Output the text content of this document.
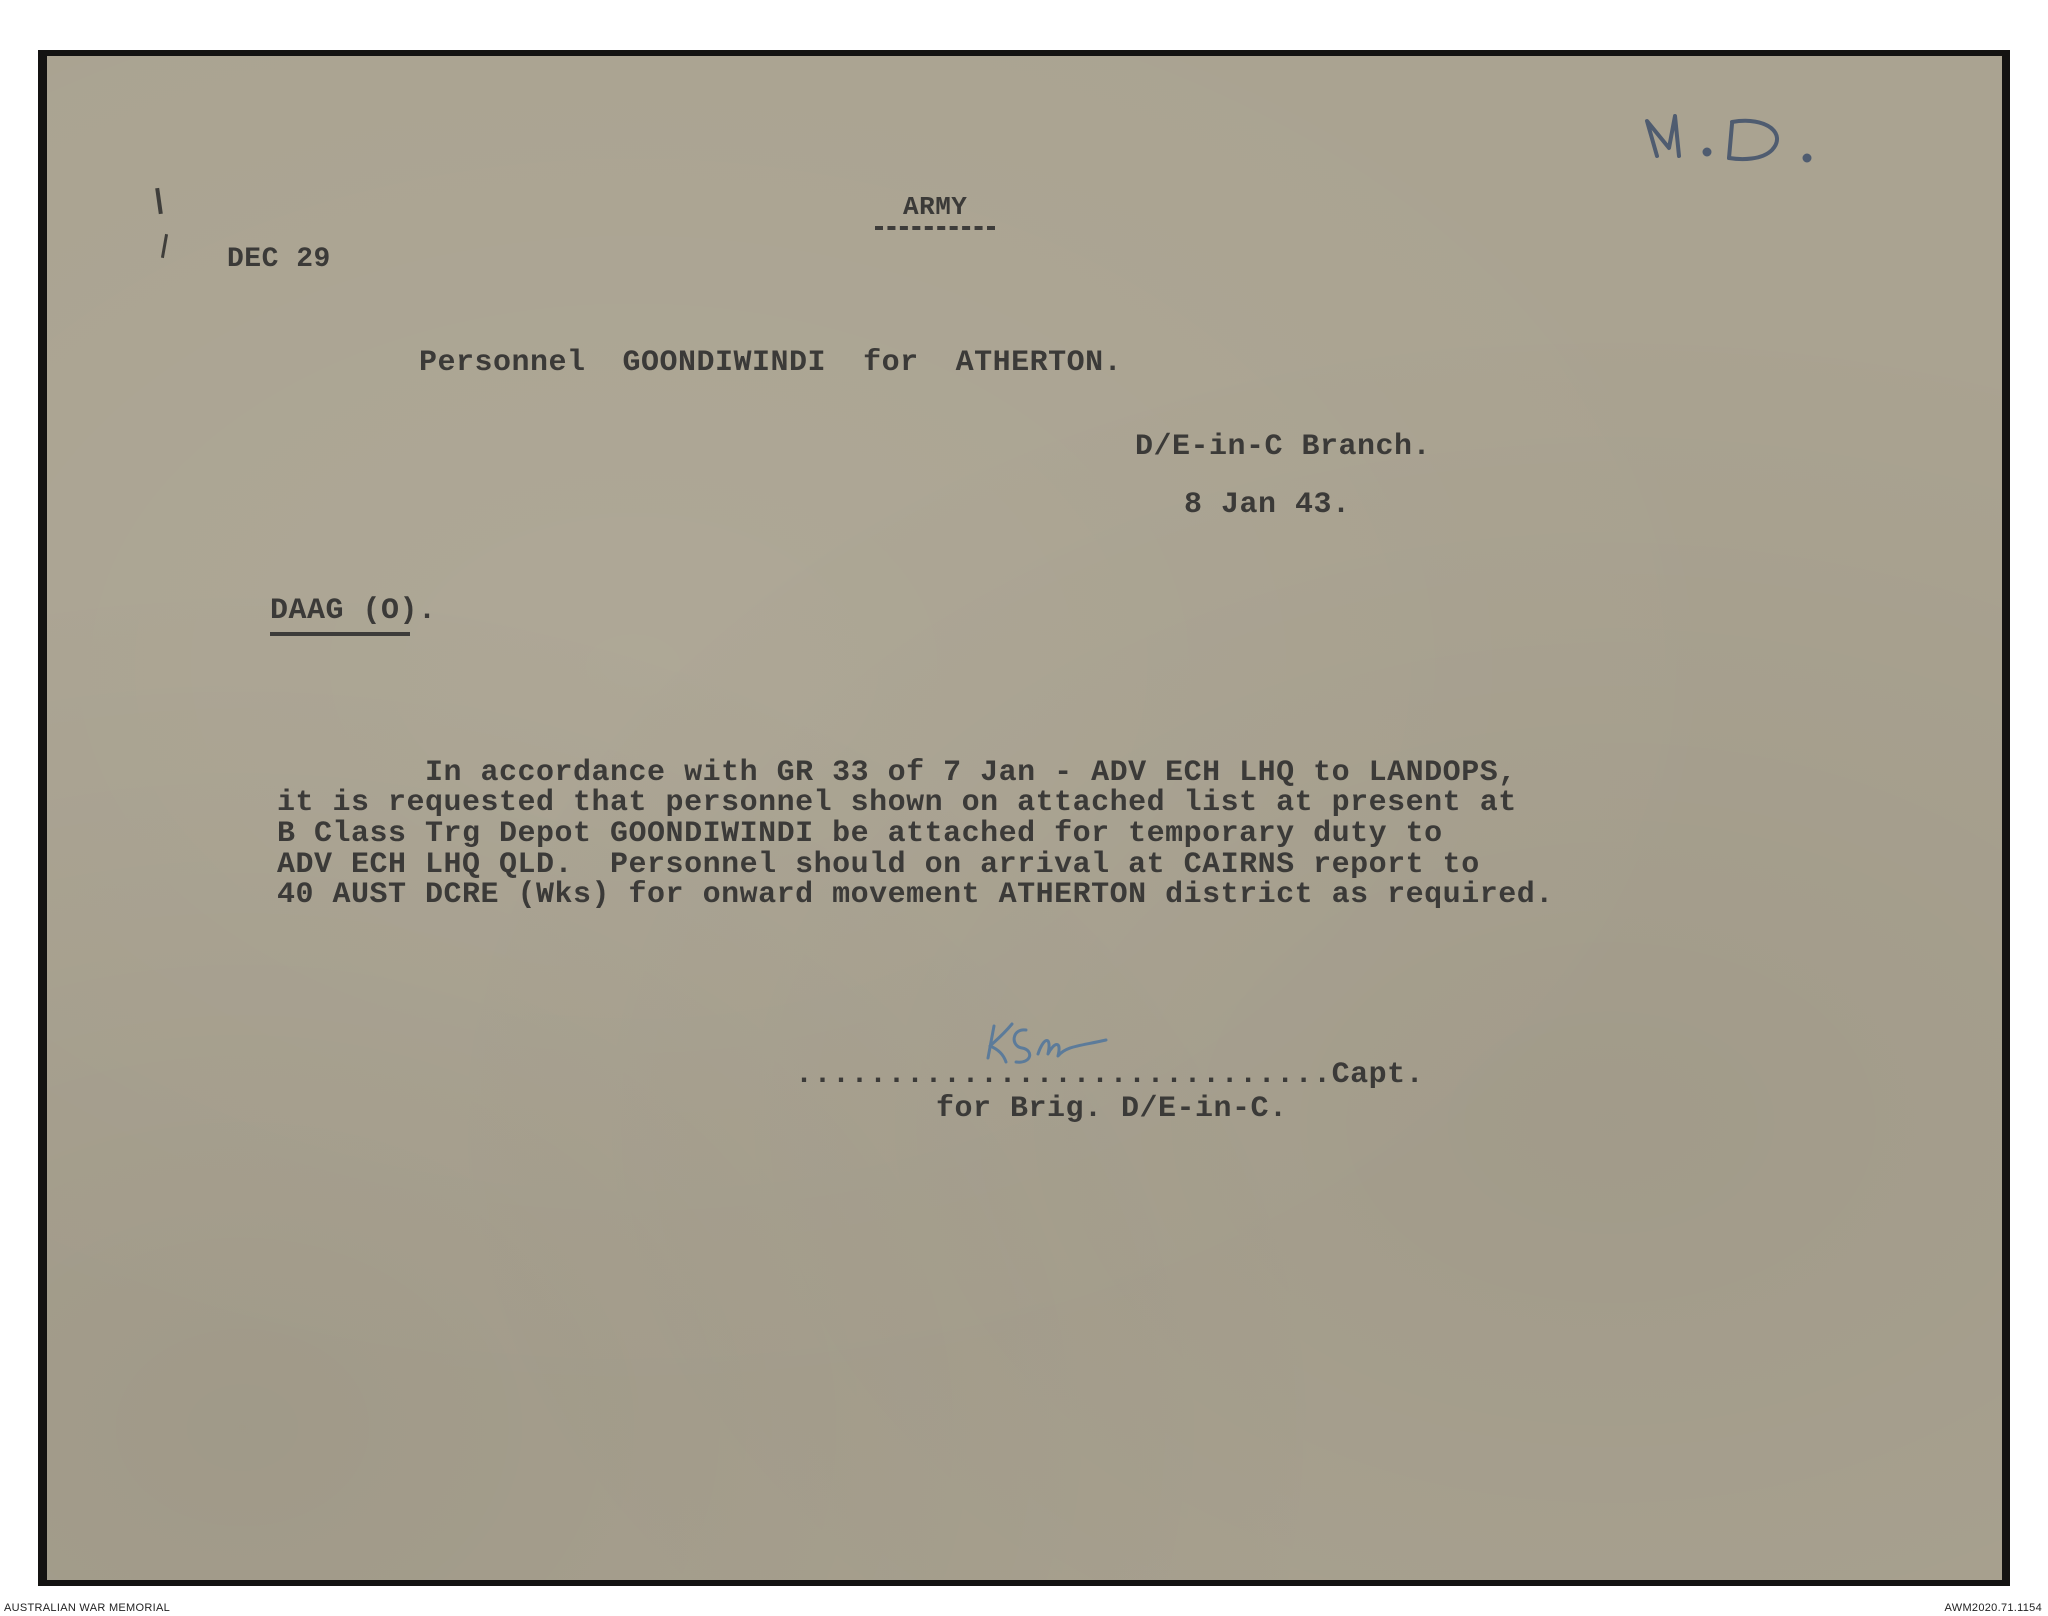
DEC 29
ARMY
Personnel  GOONDIWINDI  for  ATHERTON.
D/E-in-C Branch.
8 Jan 43.
DAAG (O).
In accordance with GR 33 of 7 Jan - ADV ECH LHQ to LANDOPS,
it is requested that personnel shown on attached list at present at
B Class Trg Depot GOONDIWINDI be attached for temporary duty to
ADV ECH LHQ QLD.  Personnel should on arrival at CAIRNS report to
40 AUST DCRE (Wks) for onward movement ATHERTON district as required.
.............................Capt.
for Brig. D/E-in-C.
AUSTRALIAN WAR MEMORIAL	AWM2020.71.1154
